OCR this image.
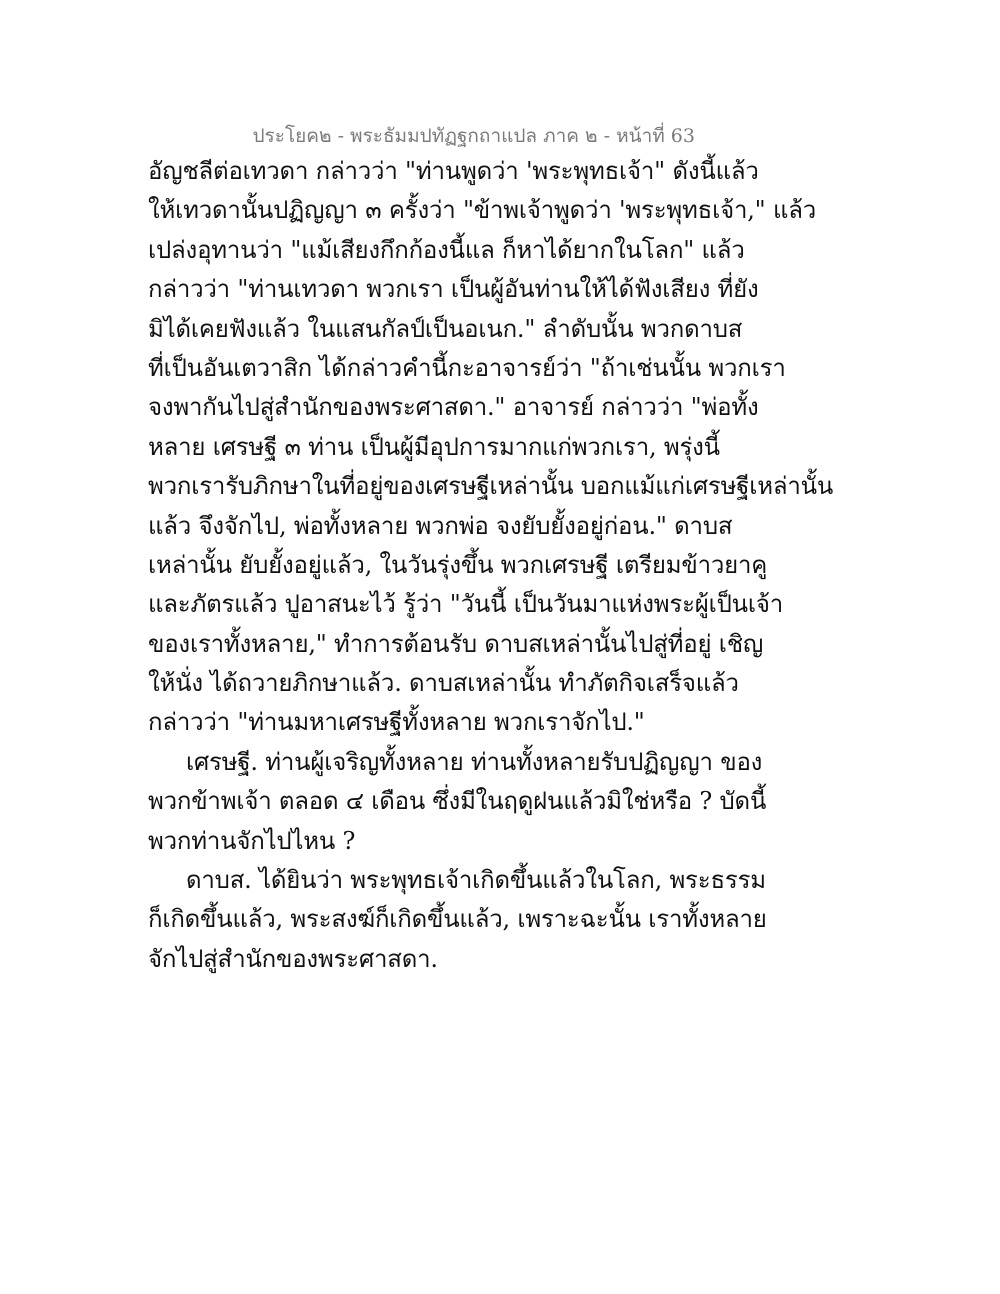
ประโยค๒ - พระธัมมปทัฏฐกถาแปล ภาค ๒ - หน้าที่ 63
อัญชลีต่อเทวดา กล่าวว่า "ท่านพูดว่า 'พระพุทธเจ้า" ดังนี้แล้ว
ให้เทวดานั้นปฏิญญา ๓ ครั้งว่า "ข้าพเจ้าพูดว่า 'พระพุทธเจ้า," แล้ว
เปล่งอุทานว่า "แม้เสียงกึกก้องนี้แล ก็หาได้ยากในโลก" แล้ว
กล่าวว่า "ท่านเทวดา พวกเรา เป็นผู้อันท่านให้ได้ฟังเสียง ที่ยัง
มิได้เคยฟังแล้ว ในแสนกัลป์เป็นอเนก." ลำดับนั้น พวกดาบส
ที่เป็นอันเตวาสิก ได้กล่าวคำนี้กะอาจารย์ว่า "ถ้าเช่นนั้น พวกเรา
จงพากันไปสู่สำนักของพระศาสดา." อาจารย์ กล่าวว่า "พ่อทั้ง
หลาย เศรษฐี ๓ ท่าน เป็นผู้มีอุปการมากแก่พวกเรา, พรุ่งนี้
พวกเรารับภิกษาในที่อยู่ของเศรษฐีเหล่านั้น บอกแม้แก่เศรษฐีเหล่านั้น
แล้ว จึงจักไป, พ่อทั้งหลาย พวกพ่อ จงยับยั้งอยู่ก่อน." ดาบส
เหล่านั้น ยับยั้งอยู่แล้ว, ในวันรุ่งขึ้น พวกเศรษฐี เตรียมข้าวยาคู
และภัตรแล้ว ปูอาสนะไว้ รู้ว่า "วันนี้ เป็นวันมาแห่งพระผู้เป็นเจ้า
ของเราทั้งหลาย," ทำการต้อนรับ ดาบสเหล่านั้นไปสู่ที่อยู่ เชิญ
ให้นั่ง ได้ถวายภิกษาแล้ว. ดาบสเหล่านั้น ทำภัตกิจเสร็จแล้ว
กล่าวว่า "ท่านมหาเศรษฐีทั้งหลาย พวกเราจักไป."
เศรษฐี. ท่านผู้เจริญทั้งหลาย ท่านทั้งหลายรับปฏิญญา ของ
พวกข้าพเจ้า ตลอด ๔ เดือน ซึ่งมีในฤดูฝนแล้วมิใช่หรือ ? บัดนี้
พวกท่านจักไปไหน ?
ดาบส. ได้ยินว่า พระพุทธเจ้าเกิดขึ้นแล้วในโลก, พระธรรม
ก็เกิดขึ้นแล้ว, พระสงฆ์ก็เกิดขึ้นแล้ว, เพราะฉะนั้น เราทั้งหลาย
จักไปสู่สำนักของพระศาสดา.
